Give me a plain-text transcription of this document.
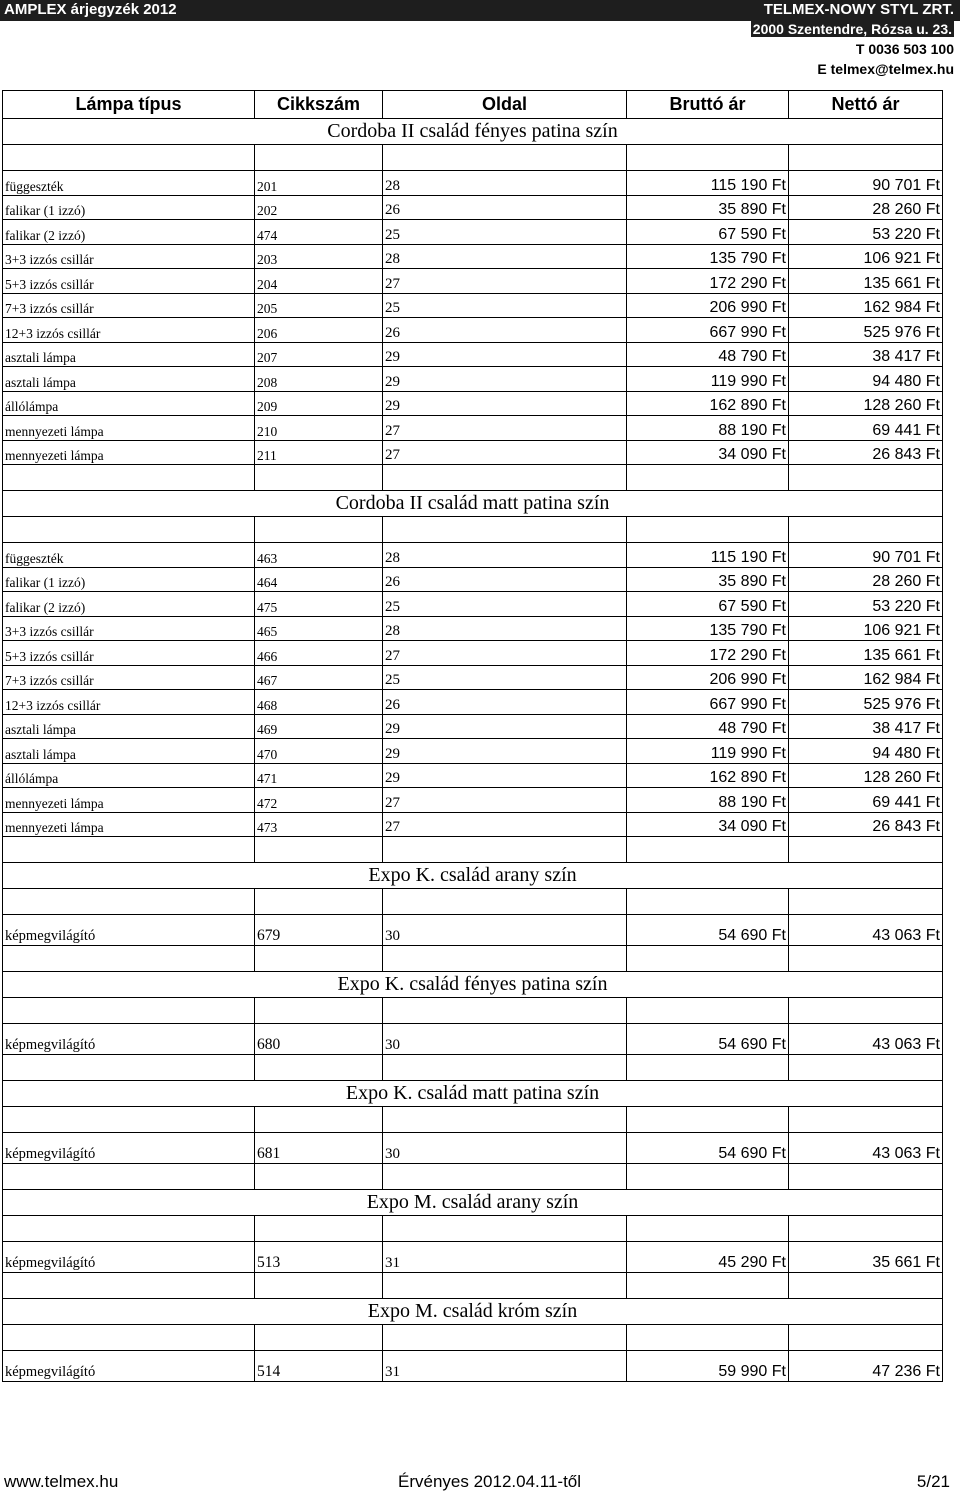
AMPLEX árjegyzék 2012	TELMEX-NOWY STYL ZRT.
2000 Szentendre, Rózsa u. 23.
T 0036 503 100
E telmex@telmex.hu
Lámpa típus	Cikkszám	Oldal	Bruttó ár	Nettó ár
Cordoba II család fényes patina szín				

függeszték	201	28	115 190 Ft	90 701 Ft
falikar (1 izzó)	202	26	35 890 Ft	28 260 Ft
falikar (2 izzó)	474	25	67 590 Ft	53 220 Ft
3+3 izzós csillár	203	28	135 790 Ft	106 921 Ft
5+3 izzós csillár	204	27	172 290 Ft	135 661 Ft
7+3 izzós csillár	205	25	206 990 Ft	162 984 Ft
12+3 izzós csillár	206	26	667 990 Ft	525 976 Ft
asztali lámpa	207	29	48 790 Ft	38 417 Ft
asztali lámpa	208	29	119 990 Ft	94 480 Ft
állólámpa	209	29	162 890 Ft	128 260 Ft
mennyezeti lámpa	210	27	88 190 Ft	69 441 Ft
mennyezeti lámpa	211	27	34 090 Ft	26 843 Ft

Cordoba II család matt patina szín				

függeszték	463	28	115 190 Ft	90 701 Ft
falikar (1 izzó)	464	26	35 890 Ft	28 260 Ft
falikar (2 izzó)	475	25	67 590 Ft	53 220 Ft
3+3 izzós csillár	465	28	135 790 Ft	106 921 Ft
5+3 izzós csillár	466	27	172 290 Ft	135 661 Ft
7+3 izzós csillár	467	25	206 990 Ft	162 984 Ft
12+3 izzós csillár	468	26	667 990 Ft	525 976 Ft
asztali lámpa	469	29	48 790 Ft	38 417 Ft
asztali lámpa	470	29	119 990 Ft	94 480 Ft
állólámpa	471	29	162 890 Ft	128 260 Ft
mennyezeti lámpa	472	27	88 190 Ft	69 441 Ft
mennyezeti lámpa	473	27	34 090 Ft	26 843 Ft

Expo K. család arany szín				

képmegvilágító	679	30	54 690 Ft	43 063 Ft

Expo K. család fényes patina szín				

képmegvilágító	680	30	54 690 Ft	43 063 Ft

Expo K. család matt patina szín				

képmegvilágító	681	30	54 690 Ft	43 063 Ft

Expo M. család arany szín				

képmegvilágító	513	31	45 290 Ft	35 661 Ft

Expo M. család króm szín				

képmegvilágító	514	31	59 990 Ft	47 236 Ft
www.telmex.hu	Érvényes 2012.04.11-től	5/21
